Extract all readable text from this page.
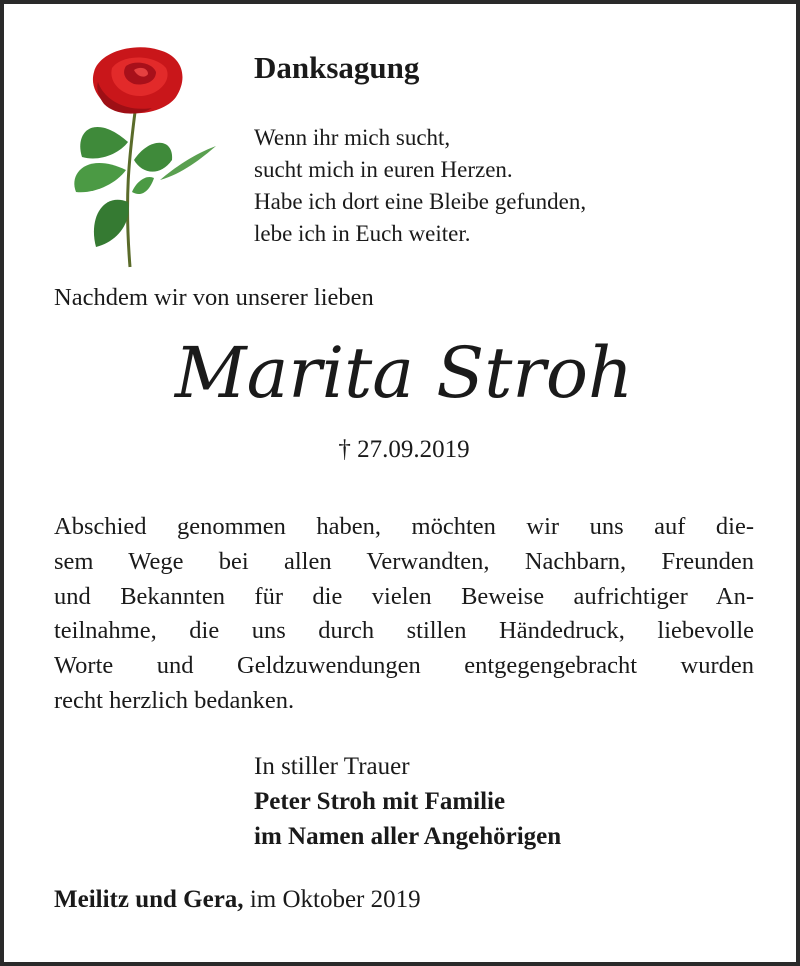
Danksagung
Wenn ihr mich sucht,
sucht mich in euren Herzen.
Habe ich dort eine Bleibe gefunden,
lebe ich in Euch weiter.
Nachdem wir von unserer lieben
Marita Stroh
† 27.09.2019
Abschied genommen haben, möchten wir uns auf die-
sem Wege bei allen Verwandten, Nachbarn, Freunden
und Bekannten für die vielen Beweise aufrichtiger An-
teilnahme, die uns durch stillen Händedruck, liebevolle
Worte und Geldzuwendungen entgegengebracht wurden
recht herzlich bedanken.
In stiller Trauer
Peter Stroh mit Familie
im Namen aller Angehörigen
Meilitz und Gera, im Oktober 2019
